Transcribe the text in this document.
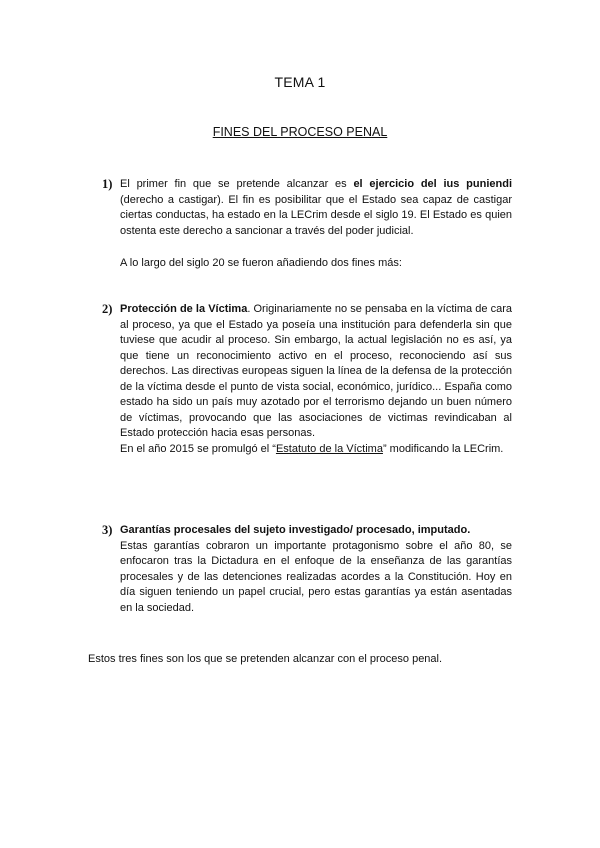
TEMA 1
FINES DEL PROCESO PENAL
1) El primer fin que se pretende alcanzar es el ejercicio del ius puniendi (derecho a castigar). El fin es posibilitar que el Estado sea capaz de castigar ciertas conductas, ha estado en la LECrim desde el siglo 19. El Estado es quien ostenta este derecho a sancionar a través del poder judicial.

A lo largo del siglo 20 se fueron añadiendo dos fines más:

2) Protección de la Víctima. Originariamente no se pensaba en la víctima de cara al proceso, ya que el Estado ya poseía una institución para defenderla sin que tuviese que acudir al proceso. Sin embargo, la actual legislación no es así, ya que tiene un reconocimiento activo en el proceso, reconociendo así sus derechos. Las directivas europeas siguen la línea de la defensa de la protección de la víctima desde el punto de vista social, económico, jurídico... España como estado ha sido un país muy azotado por el terrorismo dejando un buen número de víctimas, provocando que las asociaciones de victimas revindicaban al Estado protección hacia esas personas.

En el año 2015 se promulgó el “Estatuto de la Víctima” modificando la LECrim.

3) Garantías procesales del sujeto investigado/ procesado, imputado.

Estas garantías cobraron un importante protagonismo sobre el año 80, se enfocaron tras la Dictadura en el enfoque de la enseñanza de las garantías procesales y de las detenciones realizadas acordes a la Constitución. Hoy en día siguen teniendo un papel crucial, pero estas garantías ya están asentadas en la sociedad.

Estos tres fines son los que se pretenden alcanzar con el proceso penal.
